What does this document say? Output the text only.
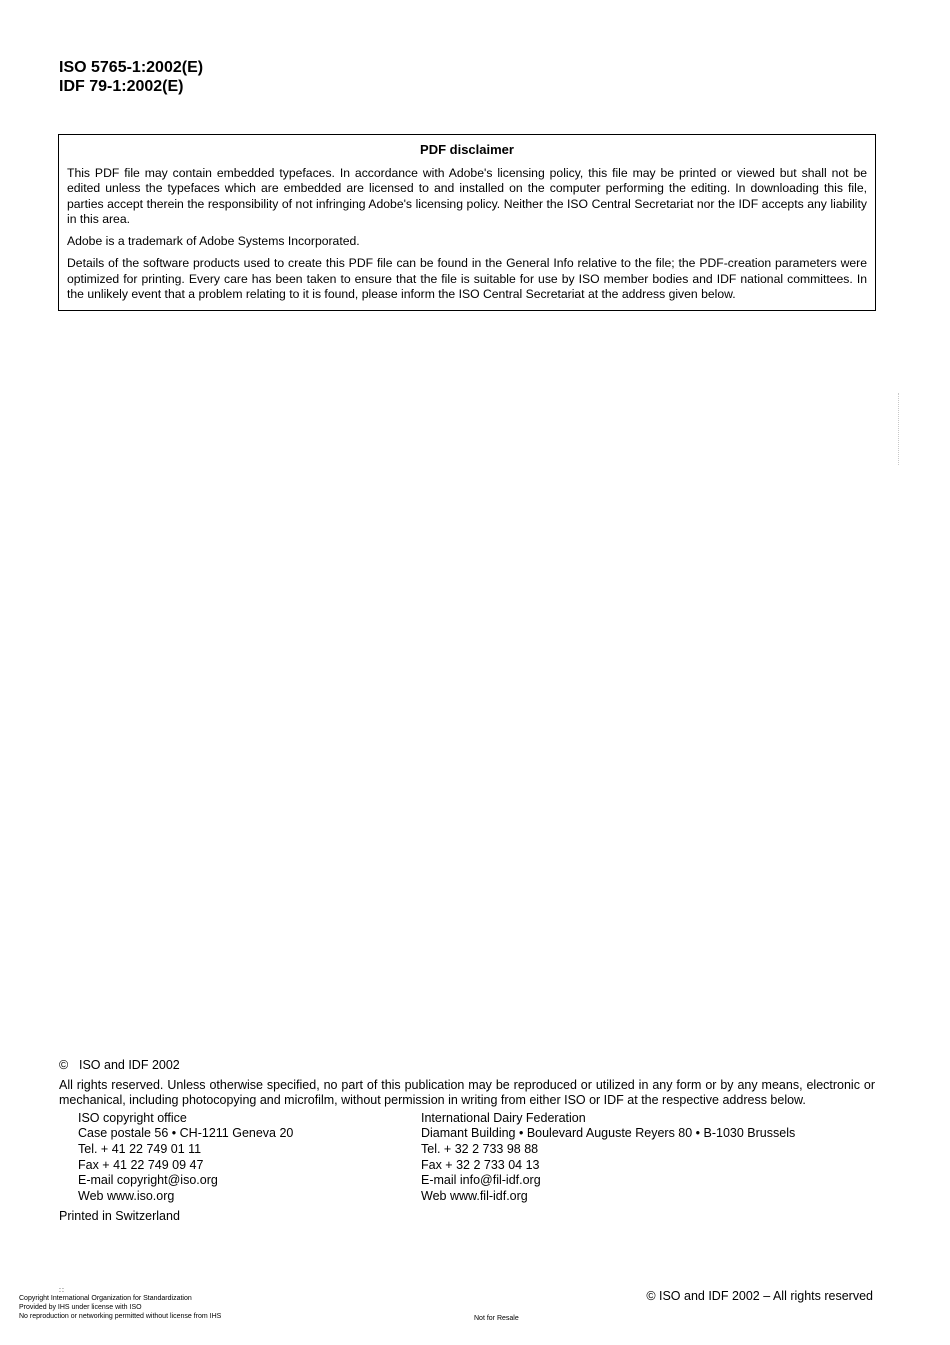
ISO 5765-1:2002(E)
IDF 79-1:2002(E)
PDF disclaimer

This PDF file may contain embedded typefaces. In accordance with Adobe's licensing policy, this file may be printed or viewed but shall not be edited unless the typefaces which are embedded are licensed to and installed on the computer performing the editing. In downloading this file, parties accept therein the responsibility of not infringing Adobe's licensing policy. Neither the ISO Central Secretariat nor the IDF accepts any liability in this area.

Adobe is a trademark of Adobe Systems Incorporated.

Details of the software products used to create this PDF file can be found in the General Info relative to the file; the PDF-creation parameters were optimized for printing. Every care has been taken to ensure that the file is suitable for use by ISO member bodies and IDF national committees. In the unlikely event that a problem relating to it is found, please inform the ISO Central Secretariat at the address given below.

© ISO and IDF 2002
All rights reserved. Unless otherwise specified, no part of this publication may be reproduced or utilized in any form or by any means, electronic or mechanical, including photocopying and microfilm, without permission in writing from either ISO or IDF at the respective address below.
ISO copyright office
Case postale 56 • CH-1211 Geneva 20
Tel. + 41 22 749 01 11
Fax + 41 22 749 09 47
E-mail copyright@iso.org
Web www.iso.org
International Dairy Federation
Diamant Building • Boulevard Auguste Reyers 80 • B-1030 Brussels
Tel. + 32 2 733 98 88
Fax + 32 2 733 04 13
E-mail info@fil-idf.org
Web www.fil-idf.org
Printed in Switzerland
::
Copyright International Organization for Standardization
Provided by IHS under license with ISO
No reproduction or networking permitted without license from IHS	Not for Resale
© ISO and IDF 2002 – All rights reserved
